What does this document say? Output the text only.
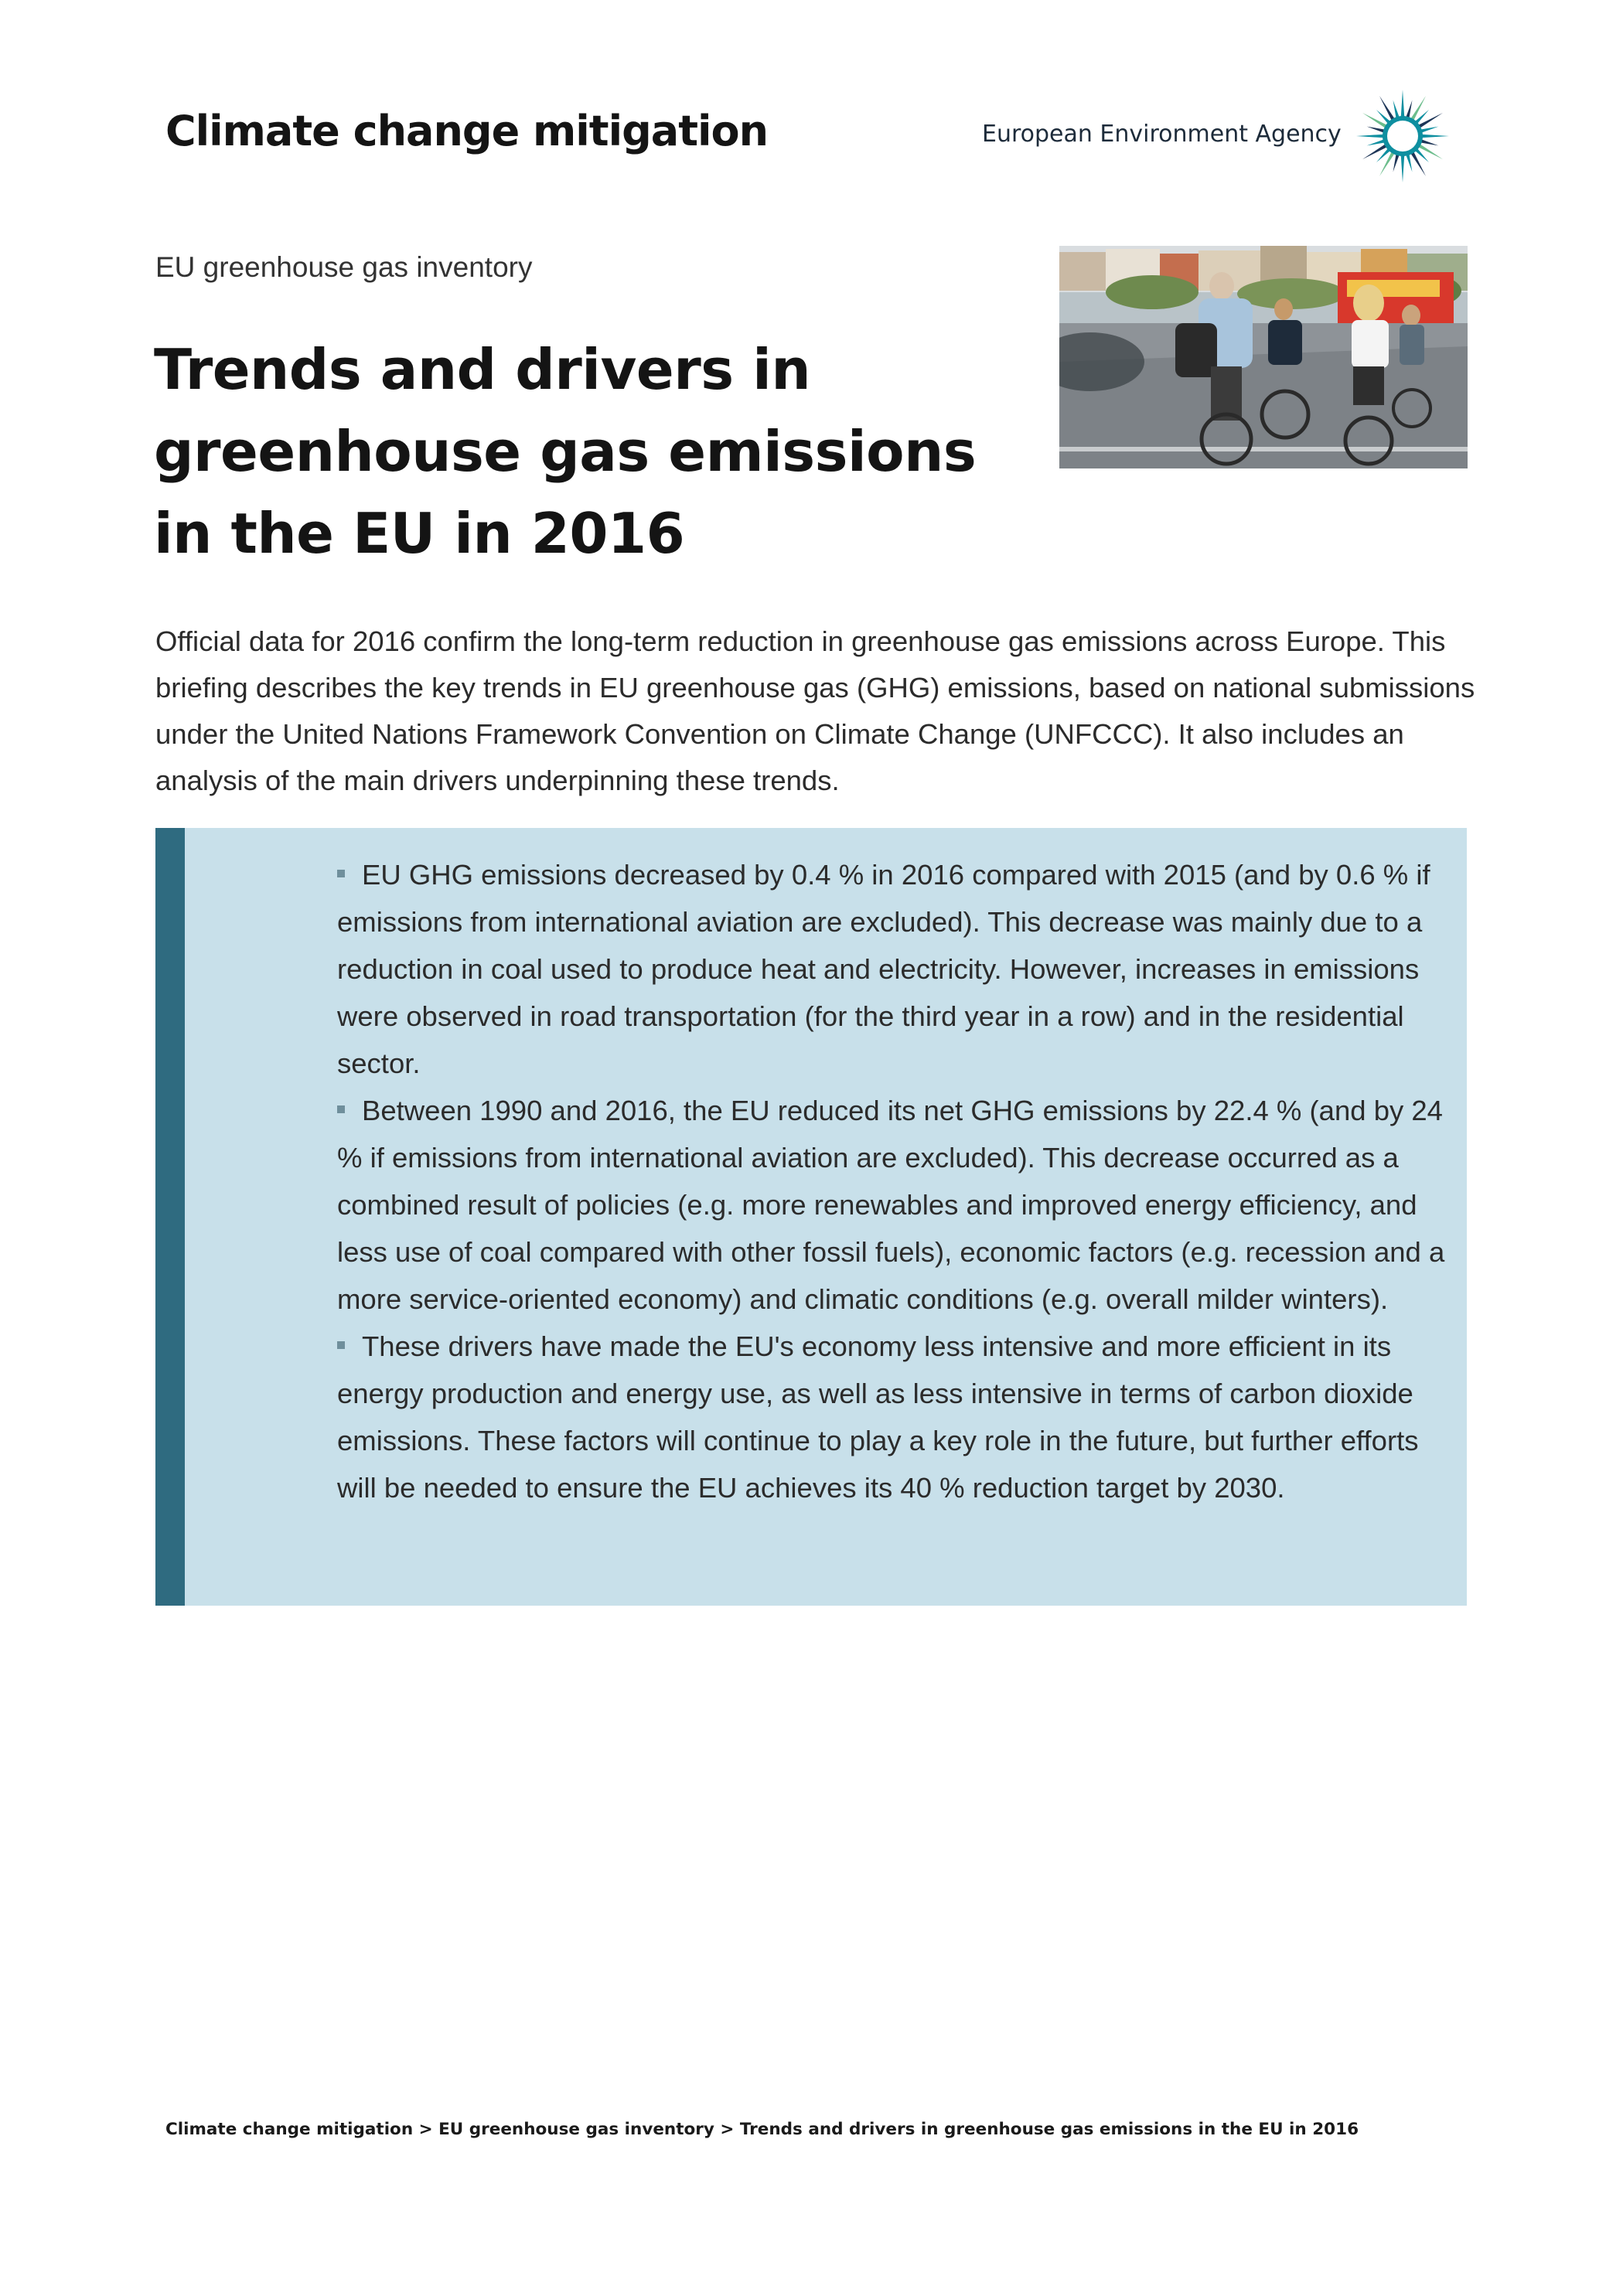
Climate change mitigation	European Environment Agency
EU greenhouse gas inventory
Trends and drivers in greenhouse gas emissions in the EU in 2016

Official data for 2016 confirm the long-term reduction in greenhouse gas emissions across Europe. This briefing describes the key trends in EU greenhouse gas (GHG) emissions, based on national submissions under the United Nations Framework Convention on Climate Change (UNFCCC). It also includes an analysis of the main drivers underpinning these trends.

EU GHG emissions decreased by 0.4 % in 2016 compared with 2015 (and by 0.6 % if emissions from international aviation are excluded). This decrease was mainly due to a reduction in coal used to produce heat and electricity. However, increases in emissions were observed in road transportation (for the third year in a row) and in the residential sector.
Between 1990 and 2016, the EU reduced its net GHG emissions by 22.4 % (and by 24 % if emissions from international aviation are excluded). This decrease occurred as a combined result of policies (e.g. more renewables and improved energy efficiency, and less use of coal compared with other fossil fuels), economic factors (e.g. recession and a more service-oriented economy) and climatic conditions (e.g. overall milder winters).
These drivers have made the EU's economy less intensive and more efficient in its energy production and energy use, as well as less intensive in terms of carbon dioxide emissions. These factors will continue to play a key role in the future, but further efforts will be needed to ensure the EU achieves its 40 % reduction target by 2030.
Climate change mitigation > EU greenhouse gas inventory > Trends and drivers in greenhouse gas emissions in the EU in 2016
